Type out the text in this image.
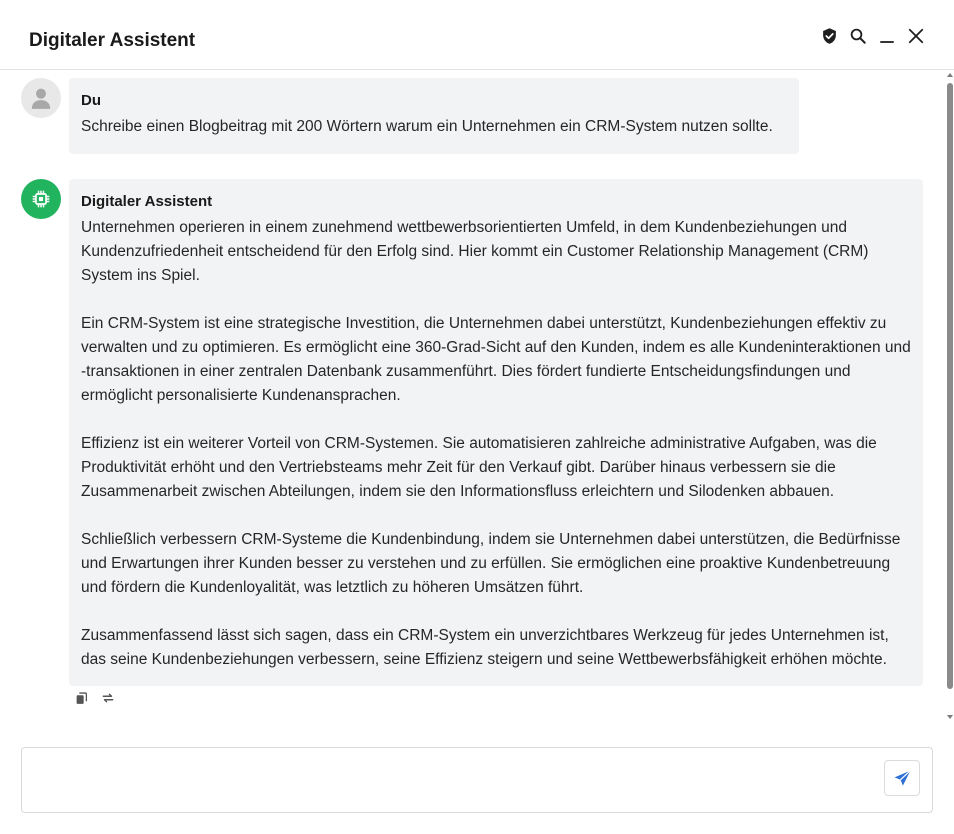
Digitaler Assistent
Du
Schreibe einen Blogbeitrag mit 200 Wörtern warum ein Unternehmen ein CRM-System nutzen sollte.
Digitaler Assistent
Unternehmen operieren in einem zunehmend wettbewerbsorientierten Umfeld, in dem Kundenbeziehungen und Kundenzufriedenheit entscheidend für den Erfolg sind. Hier kommt ein Customer Relationship Management (CRM) System ins Spiel.

Ein CRM-System ist eine strategische Investition, die Unternehmen dabei unterstützt, Kundenbeziehungen effektiv zu verwalten und zu optimieren. Es ermöglicht eine 360-Grad-Sicht auf den Kunden, indem es alle Kundeninteraktionen und -transaktionen in einer zentralen Datenbank zusammenführt. Dies fördert fundierte Entscheidungsfindungen und ermöglicht personalisierte Kundenansprachen.

Effizienz ist ein weiterer Vorteil von CRM-Systemen. Sie automatisieren zahlreiche administrative Aufgaben, was die Produktivität erhöht und den Vertriebsteams mehr Zeit für den Verkauf gibt. Darüber hinaus verbessern sie die Zusammenarbeit zwischen Abteilungen, indem sie den Informationsfluss erleichtern und Silodenken abbauen.

Schließlich verbessern CRM-Systeme die Kundenbindung, indem sie Unternehmen dabei unterstützen, die Bedürfnisse und Erwartungen ihrer Kunden besser zu verstehen und zu erfüllen. Sie ermöglichen eine proaktive Kundenbetreuung und fördern die Kundenloyalität, was letztlich zu höheren Umsätzen führt.

Zusammenfassend lässt sich sagen, dass ein CRM-System ein unverzichtbares Werkzeug für jedes Unternehmen ist, das seine Kundenbeziehungen verbessern, seine Effizienz steigern und seine Wettbewerbsfähigkeit erhöhen möchte.
